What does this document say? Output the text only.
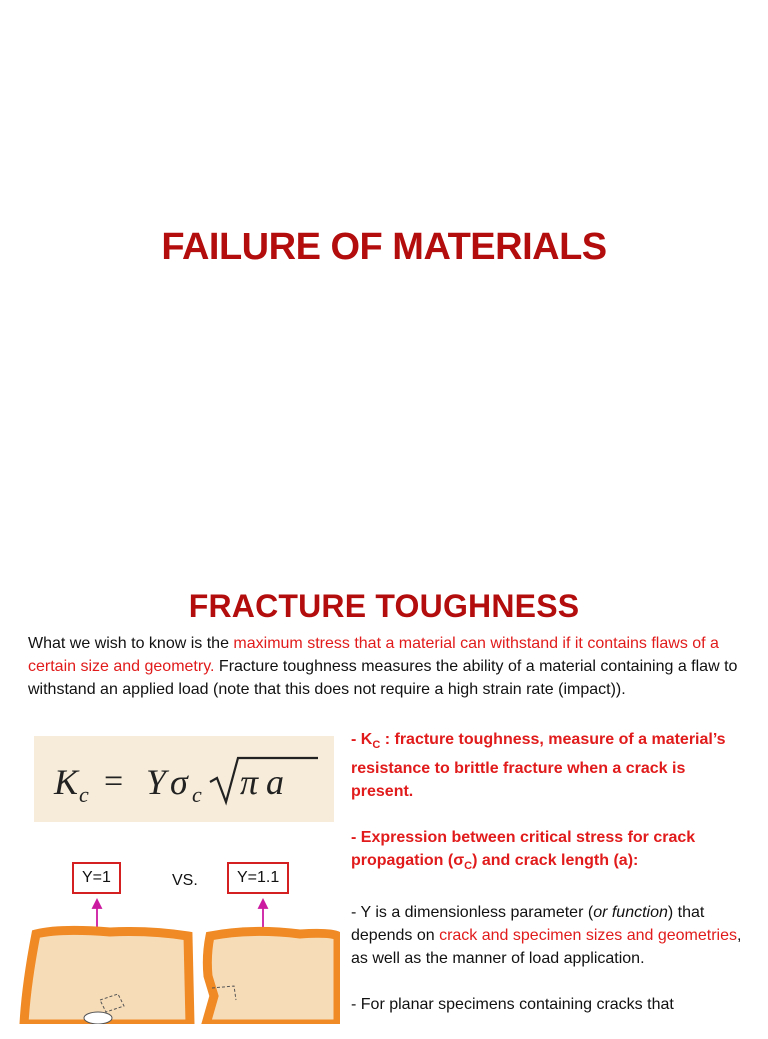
FAILURE OF MATERIALS
FRACTURE TOUGHNESS
What we wish to know is the maximum stress that a material can withstand if it contains flaws of a certain size and geometry. Fracture toughness measures the ability of a material containing a flaw to withstand an applied load (note that this does not require a high strain rate (impact)).
K c = Y σ c π a
- $K_C$ : fracture toughness, measure of a material’s resistance to brittle fracture when a crack is present.
- Expression between critical stress for crack propagation $(\sigma_C)$ and crack length (a):
- Y is a dimensionless parameter (or function) that depends on crack and specimen sizes and geometries, as well as the manner of load application.
- For planar specimens containing cracks that
Y=1	VS.	Y=1.1
